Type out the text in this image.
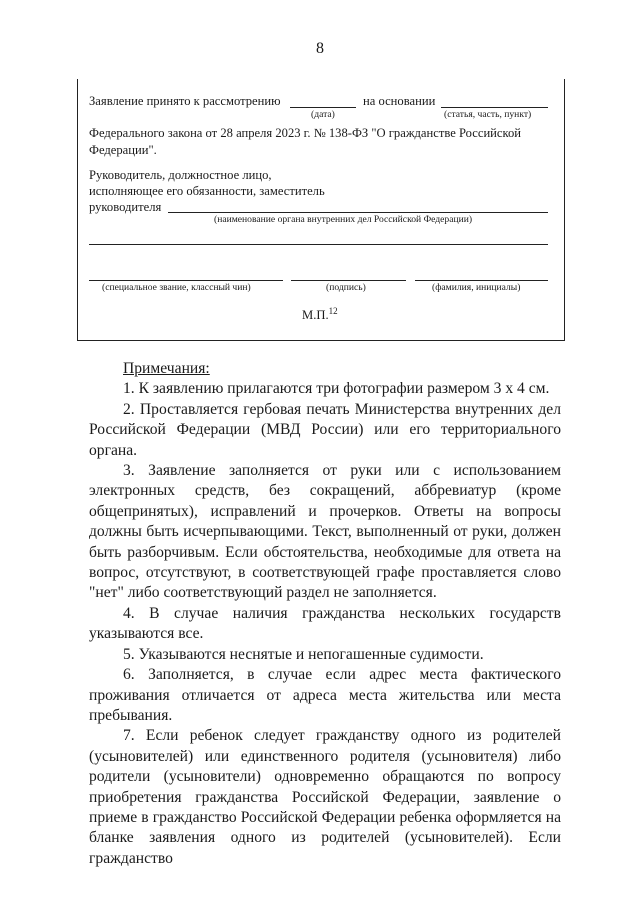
8
Заявление принято к рассмотрению	на основании
(дата)	(статья, часть, пункт)
Федерального закона от 28 апреля 2023 г. № 138-ФЗ "О гражданстве Российской
Федерации".
Руководитель, должностное лицо,
исполняющее его обязанности, заместитель
руководителя
(наименование органа внутренних дел Российской Федерации)
(специальное звание, классный чин)	(подпись)	(фамилия, инициалы)
М.П.$^{12}$

Примечания:

1. К заявлению прилагаются три фотографии размером 3 х 4 см.

2. Проставляется гербовая печать Министерства внутренних дел Российской Федерации (МВД России) или его территориального органа.

3. Заявление заполняется от руки или с использованием электронных средств, без сокращений, аббревиатур (кроме общепринятых), исправлений и прочерков. Ответы на вопросы должны быть исчерпывающими. Текст, выполненный от руки, должен быть разборчивым. Если обстоятельства, необходимые для ответа на вопрос, отсутствуют, в соответствующей графе проставляется слово "нет" либо соответствующий раздел не заполняется.

4. В случае наличия гражданства нескольких государств указываются все.

5. Указываются неснятые и непогашенные судимости.

6. Заполняется, в случае если адрес места фактического проживания отличается от адреса места жительства или места пребывания.

7. Если ребенок следует гражданству одного из родителей (усыновителей) или единственного родителя (усыновителя) либо родители (усыновители) одновременно обращаются по вопросу приобретения гражданства Российской Федерации, заявление о приеме в гражданство Российской Федерации ребенка оформляется на бланке заявления одного из родителей (усыновителей). Если гражданство
